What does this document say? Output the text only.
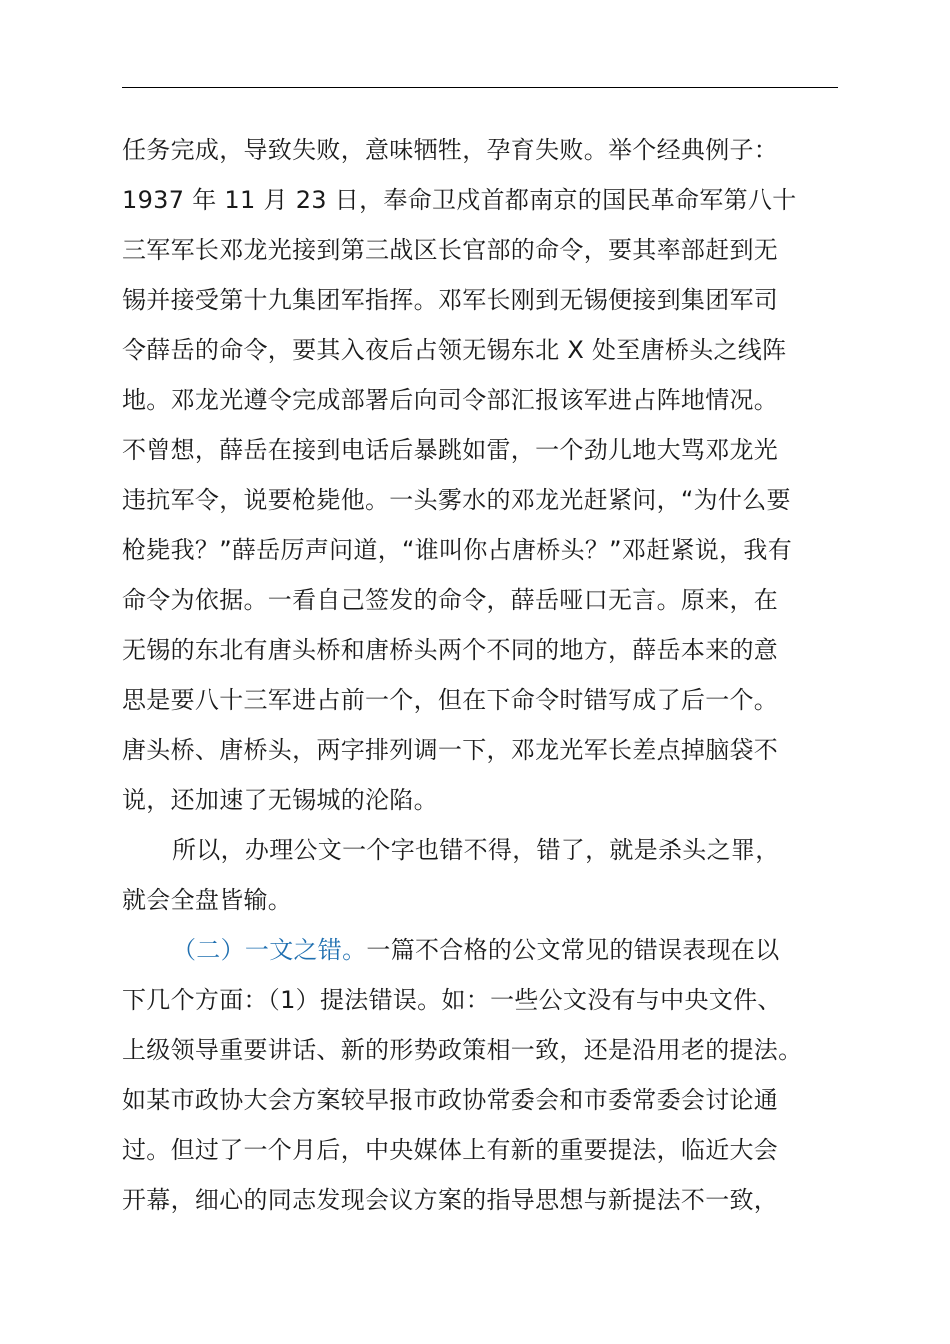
任务完成，导致失败，意味牺牲，孕育失败。举个经典例子：
1937 年 11 月 23 日，奉命卫戍首都南京的国民革命军第八十
三军军长邓龙光接到第三战区长官部的命令，要其率部赶到无
锡并接受第十九集团军指挥。邓军长刚到无锡便接到集团军司
令薛岳的命令，要其入夜后占领无锡东北 X 处至唐桥头之线阵
地。邓龙光遵令完成部署后向司令部汇报该军进占阵地情况。
不曾想，薛岳在接到电话后暴跳如雷，一个劲儿地大骂邓龙光
违抗军令，说要枪毙他。一头雾水的邓龙光赶紧问，“为什么要
枪毙我？”薛岳厉声问道，“谁叫你占唐桥头？”邓赶紧说，我有
命令为依据。一看自己签发的命令，薛岳哑口无言。原来，在
无锡的东北有唐头桥和唐桥头两个不同的地方，薛岳本来的意
思是要八十三军进占前一个，但在下命令时错写成了后一个。
唐头桥、唐桥头，两字排列调一下，邓龙光军长差点掉脑袋不
说，还加速了无锡城的沦陷。
所以，办理公文一个字也错不得，错了，就是杀头之罪，
就会全盘皆输。
（二）一文之错。一篇不合格的公文常见的错误表现在以
下几个方面：（1）提法错误。如：一些公文没有与中央文件、
上级领导重要讲话、新的形势政策相一致，还是沿用老的提法。
如某市政协大会方案较早报市政协常委会和市委常委会讨论通
过。但过了一个月后，中央媒体上有新的重要提法，临近大会
开幕，细心的同志发现会议方案的指导思想与新提法不一致，
